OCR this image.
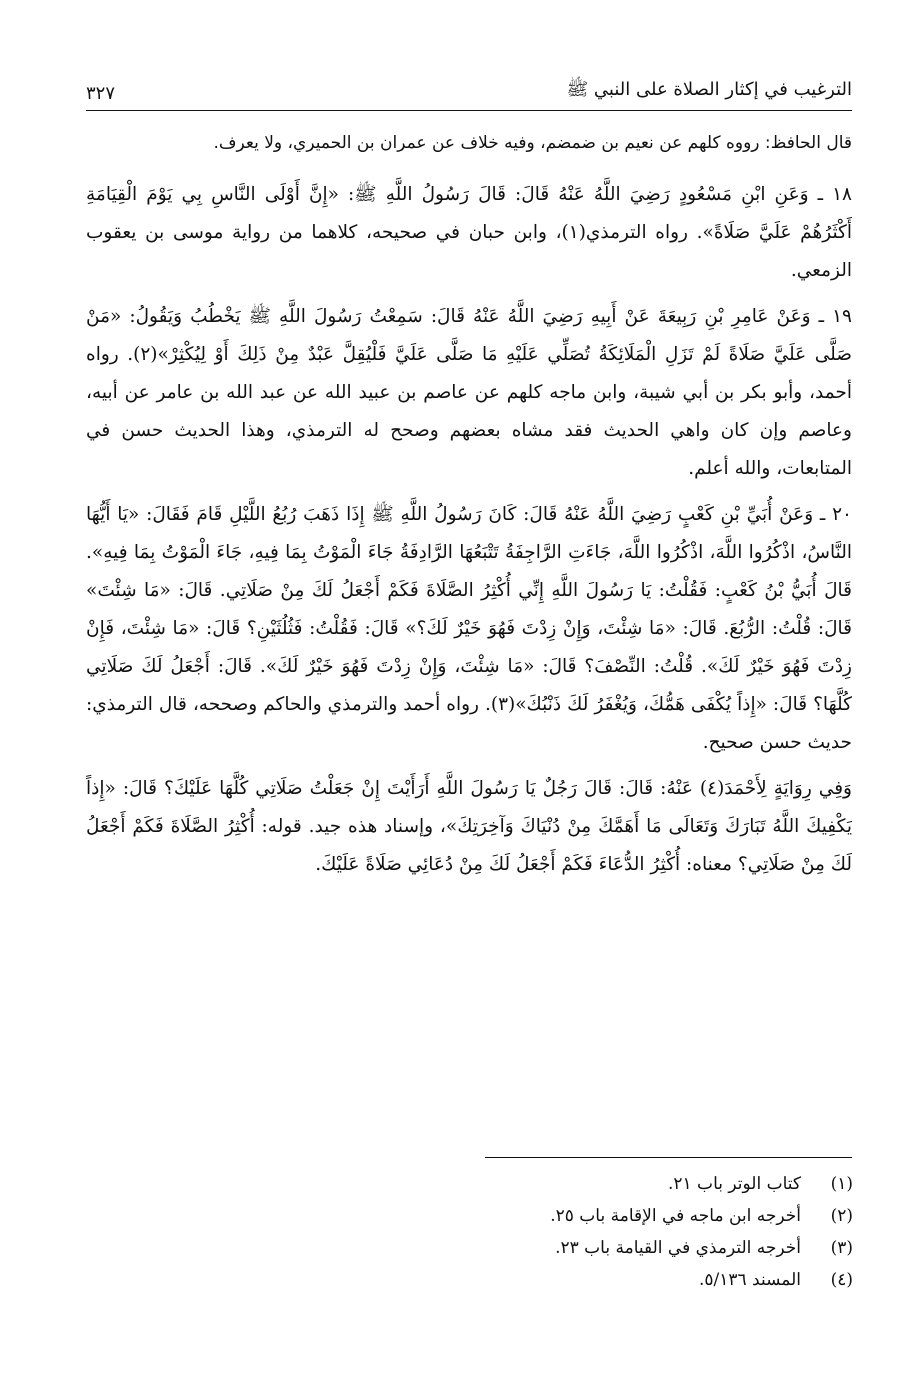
الترغيب في إكثار الصلاة على النبي ﷺ
٣٢٧

قال الحافظ: رووه كلهم عن نعيم بن ضمضم، وفيه خلاف عن عمران بن الحميري، ولا يعرف.

١٨ ـ وَعَنِ ابْنِ مَسْعُودٍ رَضِيَ اللَّهُ عَنْهُ قَالَ: قَالَ رَسُولُ اللَّهِ ﷺ: «إِنَّ أَوْلَى النَّاسِ بِي يَوْمَ الْقِيَامَةِ أَكْثَرُهُمْ عَلَيَّ صَلَاةً». رواه الترمذي(١)، وابن حبان في صحيحه، كلاهما من رواية موسى بن يعقوب الزمعي.

١٩ ـ وَعَنْ عَامِرِ بْنِ رَبِيعَةَ عَنْ أَبِيهِ رَضِيَ اللَّهُ عَنْهُ قَالَ: سَمِعْتُ رَسُولَ اللَّهِ ﷺ يَخْطُبُ وَيَقُولُ: «مَنْ صَلَّى عَلَيَّ صَلَاةً لَمْ تَزَلِ الْمَلَائِكَةُ تُصَلِّي عَلَيْهِ مَا صَلَّى عَلَيَّ فَلْيُقِلَّ عَبْدٌ مِنْ ذَلِكَ أَوْ لِيُكْثِرْ»(٢). رواه أحمد، وأبو بكر بن أبي شيبة، وابن ماجه كلهم عن عاصم بن عبيد الله عن عبد الله بن عامر عن أبيه، وعاصم وإن كان واهي الحديث فقد مشاه بعضهم وصحح له الترمذي، وهذا الحديث حسن في المتابعات، والله أعلم.

٢٠ ـ وَعَنْ أُبَيِّ بْنِ كَعْبٍ رَضِيَ اللَّهُ عَنْهُ قَالَ: كَانَ رَسُولُ اللَّهِ ﷺ إِذَا ذَهَبَ رُبُعُ اللَّيْلِ قَامَ فَقَالَ: «يَا أَيُّهَا النَّاسُ، اذْكُرُوا اللَّهَ، اذْكُرُوا اللَّهَ، جَاءَتِ الرَّاجِفَةُ تَتْبَعُهَا الرَّادِفَةُ جَاءَ الْمَوْتُ بِمَا فِيهِ، جَاءَ الْمَوْتُ بِمَا فِيهِ». قَالَ أُبَيُّ بْنُ كَعْبٍ: فَقُلْتُ: يَا رَسُولَ اللَّهِ إِنِّي أُكْثِرُ الصَّلَاةَ فَكَمْ أَجْعَلُ لَكَ مِنْ صَلَاتِي. قَالَ: «مَا شِئْتَ» قَالَ: قُلْتُ: الرُّبُعَ. قَالَ: «مَا شِئْتَ، وَإِنْ زِدْتَ فَهُوَ خَيْرٌ لَكَ؟» قَالَ: فَقُلْتُ: فَثُلُثَيْنِ؟ قَالَ: «مَا شِئْتَ، فَإِنْ زِدْتَ فَهُوَ خَيْرٌ لَكَ». قُلْتُ: النِّصْفَ؟ قَالَ: «مَا شِئْتَ، وَإِنْ زِدْتَ فَهُوَ خَيْرٌ لَكَ». قَالَ: أَجْعَلُ لَكَ صَلَاتِي كُلَّهَا؟ قَالَ: «إِذاً يُكْفَى هَمُّكَ، وَيُغْفَرُ لَكَ ذَنْبُكَ»(٣). رواه أحمد والترمذي والحاكم وصححه، قال الترمذي: حديث حسن صحيح.

وَفِي رِوَايَةٍ لِأَحْمَدَ(٤) عَنْهُ: قَالَ: قَالَ رَجُلٌ يَا رَسُولَ اللَّهِ أَرَأَيْتَ إِنْ جَعَلْتُ صَلَاتِي كُلَّهَا عَلَيْكَ؟ قَالَ: «إِذاً يَكْفِيكَ اللَّهُ تَبَارَكَ وَتَعَالَى مَا أَهَمَّكَ مِنْ دُنْيَاكَ وَآخِرَتِكَ»، وإسناد هذه جيد. قوله: أُكْثِرُ الصَّلَاةَ فَكَمْ أَجْعَلُ لَكَ مِنْ صَلَاتِي؟ معناه: أُكْثِرُ الدُّعَاءَ فَكَمْ أَجْعَلُ لَكَ مِنْ دُعَائِي صَلَاةً عَلَيْكَ.

(١)
كتاب الوتر باب ٢١.
(٢)
أخرجه ابن ماجه في الإقامة باب ٢٥.
(٣)
أخرجه الترمذي في القيامة باب ٢٣.
(٤)
المسند ٥/١٣٦.
